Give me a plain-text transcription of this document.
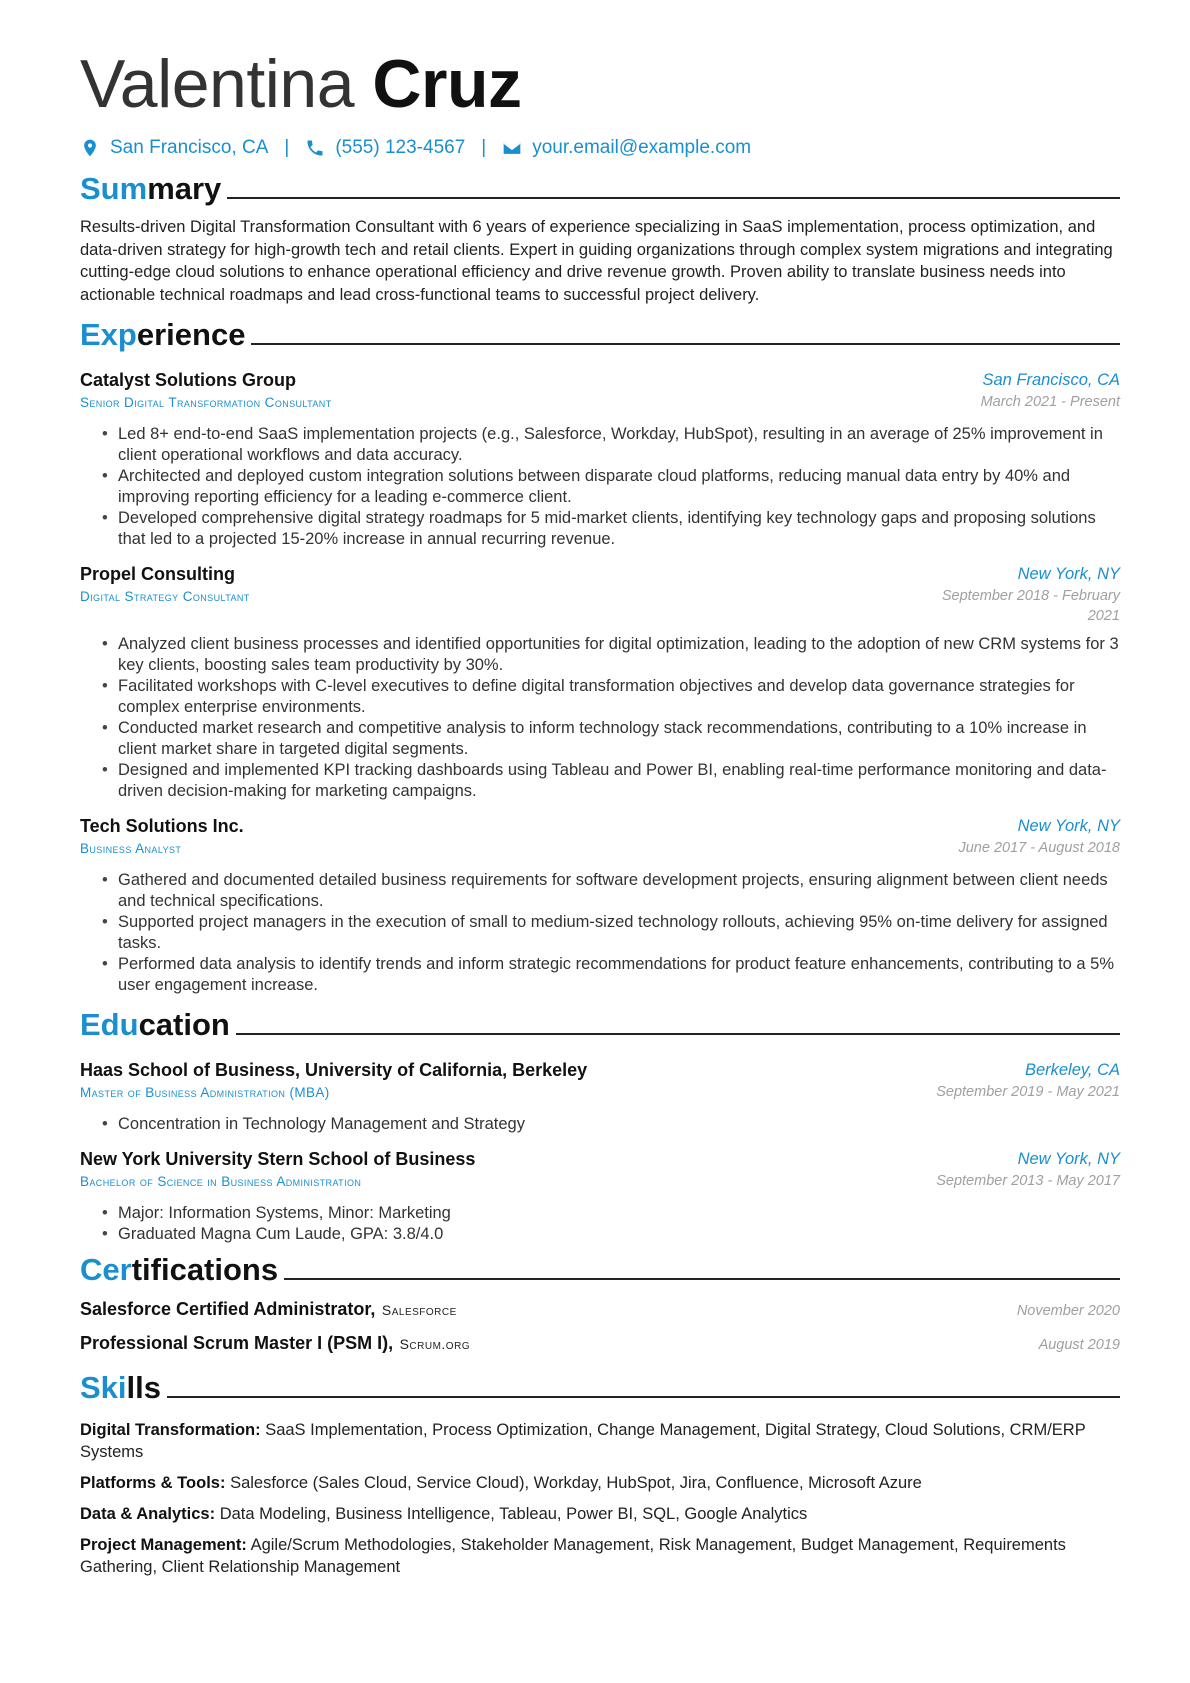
Valentina Cruz
San Francisco, CA | (555) 123-4567 | your.email@example.com
Summary
Results-driven Digital Transformation Consultant with 6 years of experience specializing in SaaS implementation, process optimization, and data-driven strategy for high-growth tech and retail clients. Expert in guiding organizations through complex system migrations and integrating cutting-edge cloud solutions to enhance operational efficiency and drive revenue growth. Proven ability to translate business needs into actionable technical roadmaps and lead cross-functional teams to successful project delivery.
Experience
Catalyst Solutions Group
Senior Digital Transformation Consultant
San Francisco, CA
March 2021 - Present
• Led 8+ end-to-end SaaS implementation projects (e.g., Salesforce, Workday, HubSpot), resulting in an average of 25% improvement in client operational workflows and data accuracy.
• Architected and deployed custom integration solutions between disparate cloud platforms, reducing manual data entry by 40% and improving reporting efficiency for a leading e-commerce client.
• Developed comprehensive digital strategy roadmaps for 5 mid-market clients, identifying key technology gaps and proposing solutions that led to a projected 15-20% increase in annual recurring revenue.
Propel Consulting
Digital Strategy Consultant
New York, NY
September 2018 - February 2021
• Analyzed client business processes and identified opportunities for digital optimization, leading to the adoption of new CRM systems for 3 key clients, boosting sales team productivity by 30%.
• Facilitated workshops with C-level executives to define digital transformation objectives and develop data governance strategies for complex enterprise environments.
• Conducted market research and competitive analysis to inform technology stack recommendations, contributing to a 10% increase in client market share in targeted digital segments.
• Designed and implemented KPI tracking dashboards using Tableau and Power BI, enabling real-time performance monitoring and data-driven decision-making for marketing campaigns.
Tech Solutions Inc.
Business Analyst
New York, NY
June 2017 - August 2018
• Gathered and documented detailed business requirements for software development projects, ensuring alignment between client needs and technical specifications.
• Supported project managers in the execution of small to medium-sized technology rollouts, achieving 95% on-time delivery for assigned tasks.
• Performed data analysis to identify trends and inform strategic recommendations for product feature enhancements, contributing to a 5% user engagement increase.
Education
Haas School of Business, University of California, Berkeley
Master of Business Administration (MBA)
Berkeley, CA
September 2019 - May 2021
• Concentration in Technology Management and Strategy
New York University Stern School of Business
Bachelor of Science in Business Administration
New York, NY
September 2013 - May 2017
• Major: Information Systems, Minor: Marketing
• Graduated Magna Cum Laude, GPA: 3.8/4.0
Certifications
Salesforce Certified Administrator, Salesforce	November 2020
Professional Scrum Master I (PSM I), Scrum.org	August 2019
Skills
Digital Transformation: SaaS Implementation, Process Optimization, Change Management, Digital Strategy, Cloud Solutions, CRM/ERP Systems
Platforms & Tools: Salesforce (Sales Cloud, Service Cloud), Workday, HubSpot, Jira, Confluence, Microsoft Azure
Data & Analytics: Data Modeling, Business Intelligence, Tableau, Power BI, SQL, Google Analytics
Project Management: Agile/Scrum Methodologies, Stakeholder Management, Risk Management, Budget Management, Requirements Gathering, Client Relationship Management
